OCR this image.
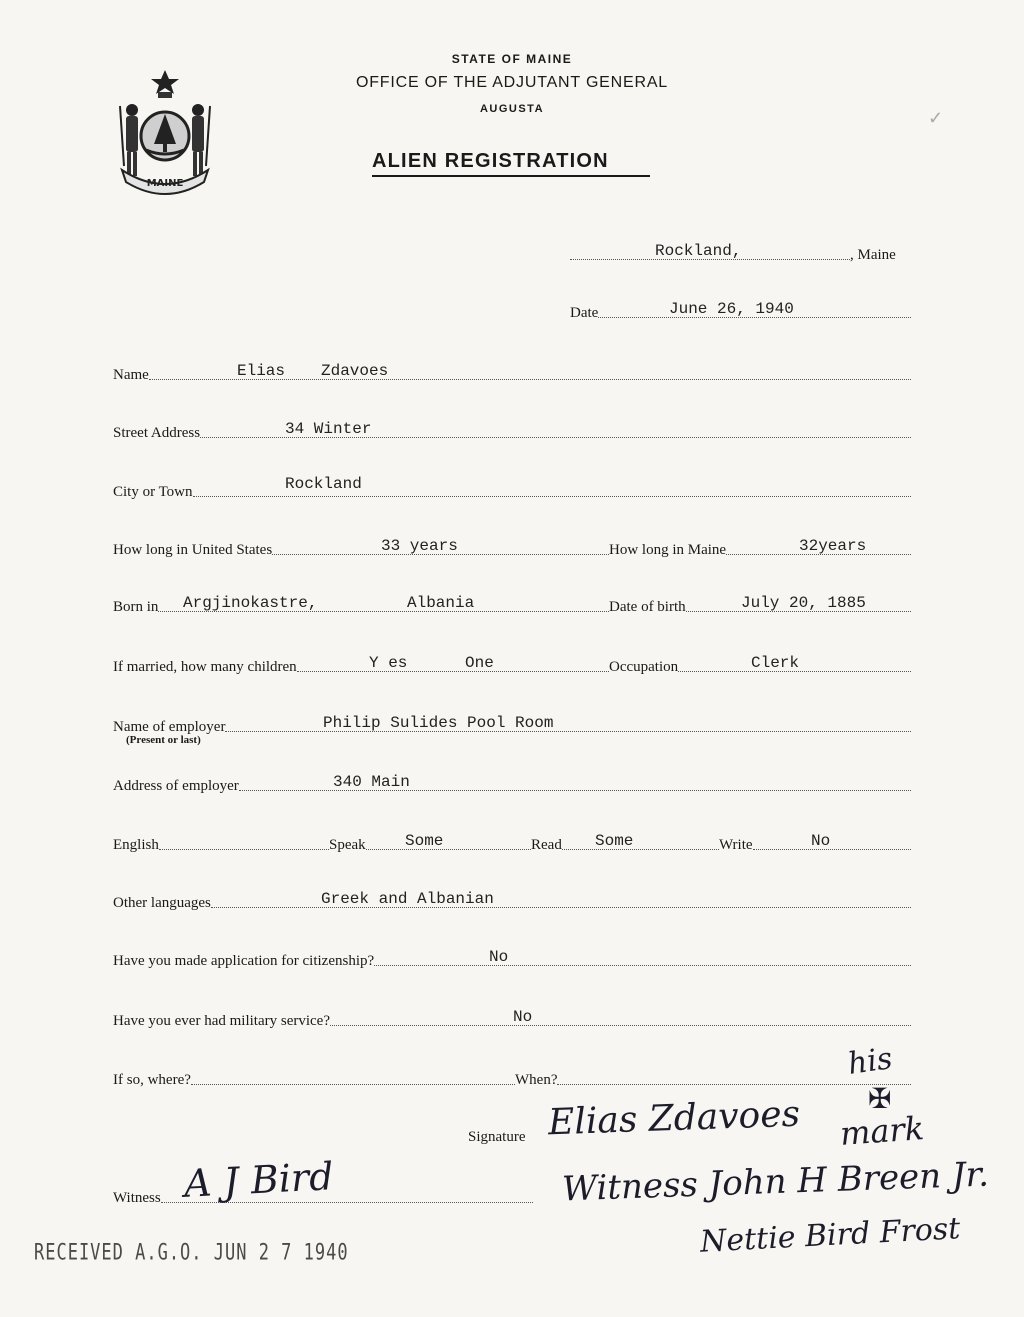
MAINE
STATE OF MAINE
OFFICE OF THE ADJUTANT GENERAL
AUGUSTA
ALIEN REGISTRATION
✓
Rockland,	, Maine
Date	June 26, 1940
Name	Elias Zdavoes
Street Address	34 Winter
City or Town	Rockland
How long in United States	33 years	How long in Maine	32years
Born in Argjinokastre,	Albania	Date of birth	July 20, 1885
If married, how many children	Y es	One	Occupation	Clerk
Name of employer	Philip Sulides Pool Room
(Present or last)
Address of employer	340 Main
English	Speak Some	Read Some	Write	No
Other languages	Greek and Albanian
Have you made application for citizenship?	No
Have you ever had military service?	No
If so, where?	When?
Signature
Witness
his
✠
Elias Zdavoes mark
A J Bird	Witness John H Breen Jr.
Nettie Bird Frost
RECEIVED A.G.O. JUN 2 7 1940
